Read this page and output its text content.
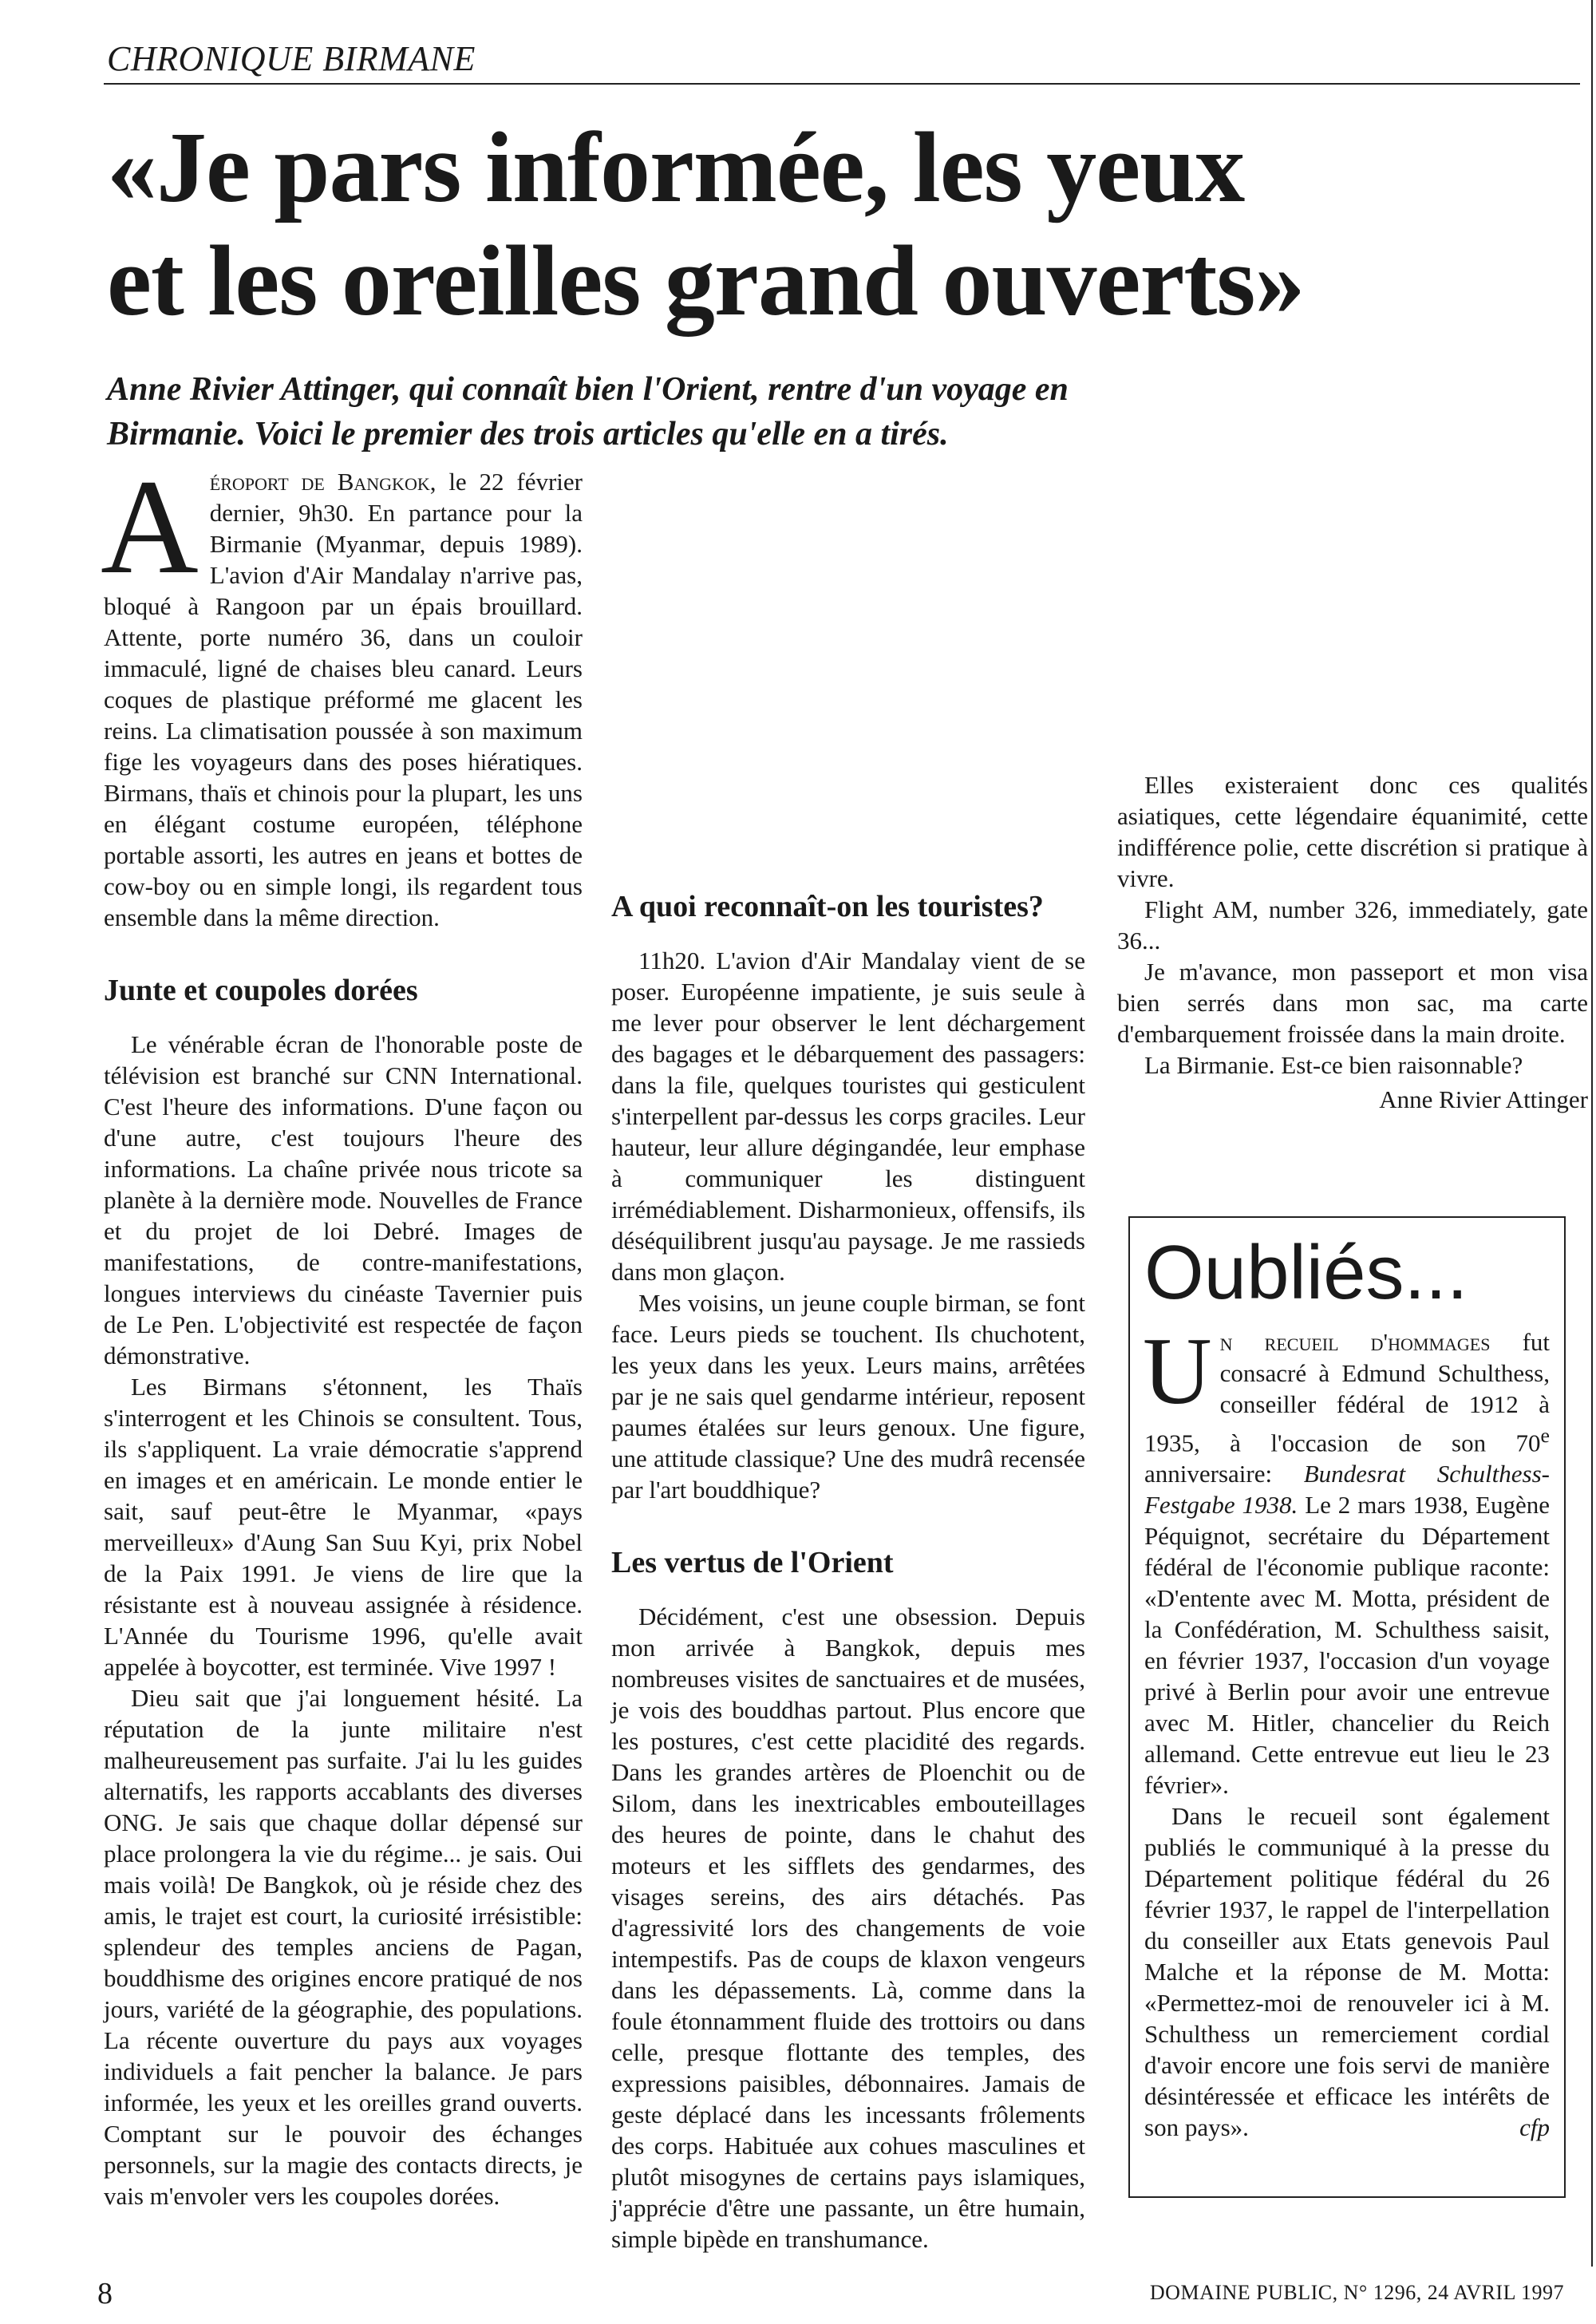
CHRONIQUE BIRMANE
«Je pars informée, les yeux
et les oreilles grand ouverts»
Anne Rivier Attinger, qui connaît bien l'Orient, rentre d'un voyage en
Birmanie. Voici le premier des trois articles qu'elle en a tirés.

Aéroport de Bangkok, le 22 février dernier, 9h30. En partance pour la Birmanie (Myanmar, depuis 1989). L'avion d'Air Mandalay n'arrive pas, bloqué à Rangoon par un épais brouillard. Attente, porte numéro 36, dans un couloir immaculé, ligné de chaises bleu canard. Leurs coques de plastique préformé me glacent les reins. La climatisation poussée à son maximum fige les voyageurs dans des poses hiératiques. Birmans, thaïs et chinois pour la plupart, les uns en élégant costume européen, téléphone portable assorti, les autres en jeans et bottes de cow-boy ou en simple longi, ils regardent tous ensemble dans la même direction.

Junte et coupoles dorées

Le vénérable écran de l'honorable poste de télévision est branché sur CNN International. C'est l'heure des informations. D'une façon ou d'une autre, c'est toujours l'heure des informations. La chaîne privée nous tricote sa planète à la dernière mode. Nouvelles de France et du projet de loi Debré. Images de manifestations, de contre-manifestations, longues interviews du cinéaste Tavernier puis de Le Pen. L'objectivité est respectée de façon démonstrative.

Les Birmans s'étonnent, les Thaïs s'interrogent et les Chinois se consultent. Tous, ils s'appliquent. La vraie démocratie s'apprend en images et en américain. Le monde entier le sait, sauf peut-être le Myanmar, «pays merveilleux» d'Aung San Suu Kyi, prix Nobel de la Paix 1991. Je viens de lire que la résistante est à nouveau assignée à résidence. L'Année du Tourisme 1996, qu'elle avait appelée à boycotter, est terminée. Vive 1997 !

Dieu sait que j'ai longuement hésité. La réputation de la junte militaire n'est malheureusement pas surfaite. J'ai lu les guides alternatifs, les rapports accablants des diverses ONG. Je sais que chaque dollar dépensé sur place prolongera la vie du régime... je sais. Oui mais voilà! De Bangkok, où je réside chez des amis, le trajet est court, la curiosité irrésistible: splendeur des temples anciens de Pagan, bouddhisme des origines encore pratiqué de nos jours, variété de la géographie, des populations. La récente ouverture du pays aux voyages individuels a fait pencher la balance. Je pars informée, les yeux et les oreilles grand ouverts. Comptant sur le pouvoir des échanges personnels, sur la magie des contacts directs, je vais m'envoler vers les coupoles dorées.

A quoi reconnaît-on les touristes?

11h20. L'avion d'Air Mandalay vient de se poser. Européenne impatiente, je suis seule à me lever pour observer le lent déchargement des bagages et le débarquement des passagers: dans la file, quelques touristes qui gesticulent s'interpellent par-dessus les corps graciles. Leur hauteur, leur allure dégingandée, leur emphase à communiquer les distinguent irrémédiablement. Disharmonieux, offensifs, ils déséquilibrent jusqu'au paysage. Je me rassieds dans mon glaçon.

Mes voisins, un jeune couple birman, se font face. Leurs pieds se touchent. Ils chuchotent, les yeux dans les yeux. Leurs mains, arrêtées par je ne sais quel gendarme intérieur, reposent paumes étalées sur leurs genoux. Une figure, une attitude classique? Une des mudrâ recensée par l'art bouddhique?

Les vertus de l'Orient

Décidément, c'est une obsession. Depuis mon arrivée à Bangkok, depuis mes nombreuses visites de sanctuaires et de musées, je vois des bouddhas partout. Plus encore que les postures, c'est cette placidité des regards. Dans les grandes artères de Ploenchit ou de Silom, dans les inextricables embouteillages des heures de pointe, dans le chahut des moteurs et les sifflets des gendarmes, des visages sereins, des airs détachés. Pas d'agressivité lors des changements de voie intempestifs. Pas de coups de klaxon vengeurs dans les dépassements. Là, comme dans la foule étonnamment fluide des trottoirs ou dans celle, presque flottante des temples, des expressions paisibles, débonnaires. Jamais de geste déplacé dans les incessants frôlements des corps. Habituée aux cohues masculines et plutôt misogynes de certains pays islamiques, j'apprécie d'être une passante, un être humain, simple bipède en transhumance.

Elles existeraient donc ces qualités asiatiques, cette légendaire équanimité, cette indifférence polie, cette discrétion si pratique à vivre.

Flight AM, number 326, immediately, gate 36...

Je m'avance, mon passeport et mon visa bien serrés dans mon sac, ma carte d'embarquement froissée dans la main droite.

La Birmanie. Est-ce bien raisonnable?

Anne Rivier Attinger

Oubliés...

Un recueil d'hommages fut consacré à Edmund Schulthess, conseiller fédéral de 1912 à 1935, à l'occasion de son 70e anniversaire: Bundesrat Schulthess-Festgabe 1938. Le 2 mars 1938, Eugène Péquignot, secrétaire du Département fédéral de l'économie publique raconte: «D'entente avec M. Motta, président de la Confédération, M. Schulthess saisit, en février 1937, l'occasion d'un voyage privé à Berlin pour avoir une entrevue avec M. Hitler, chancelier du Reich allemand. Cette entrevue eut lieu le 23 février».

Dans le recueil sont également publiés le communiqué à la presse du Département politique fédéral du 26 février 1937, le rappel de l'interpellation du conseiller aux Etats genevois Paul Malche et la réponse de M. Motta: «Permettez-moi de renouveler ici à M. Schulthess un remerciement cordial d'avoir encore une fois servi de manière désintéressée et efficace les intérêts de son pays».	cfp

8	DOMAINE PUBLIC, N° 1296, 24 AVRIL 1997
